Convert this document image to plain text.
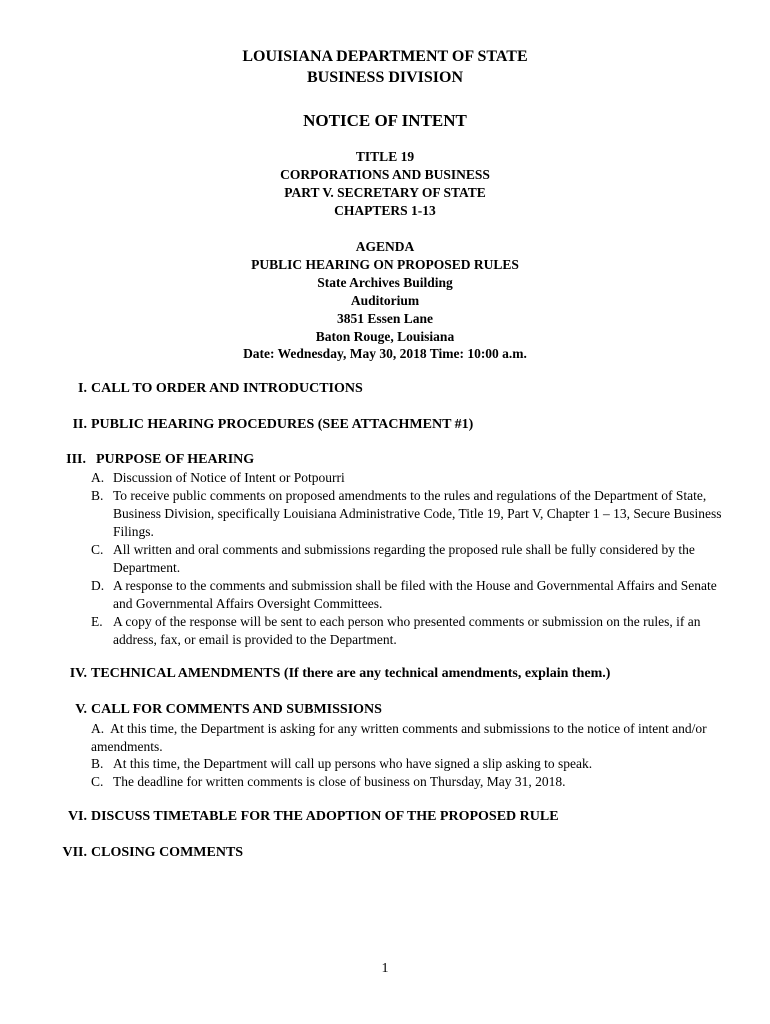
LOUISIANA DEPARTMENT OF STATE
BUSINESS DIVISION
NOTICE OF INTENT
TITLE 19
CORPORATIONS AND BUSINESS
PART V. SECRETARY OF STATE
CHAPTERS 1-13
AGENDA
PUBLIC HEARING ON PROPOSED RULES
State Archives Building
Auditorium
3851 Essen Lane
Baton Rouge, Louisiana
Date: Wednesday, May 30, 2018 Time: 10:00 a.m.
I. CALL TO ORDER AND INTRODUCTIONS
II. PUBLIC HEARING PROCEDURES (SEE ATTACHMENT #1)
III. PURPOSE OF HEARING
A. Discussion of Notice of Intent or Potpourri
B. To receive public comments on proposed amendments to the rules and regulations of the Department of State, Business Division, specifically Louisiana Administrative Code, Title 19, Part V, Chapter 1 – 13, Secure Business Filings.
C. All written and oral comments and submissions regarding the proposed rule shall be fully considered by the Department.
D. A response to the comments and submission shall be filed with the House and Governmental Affairs and Senate and Governmental Affairs Oversight Committees.
E. A copy of the response will be sent to each person who presented comments or submission on the rules, if an address, fax, or email is provided to the Department.
IV. TECHNICAL AMENDMENTS (If there are any technical amendments, explain them.)
V. CALL FOR COMMENTS AND SUBMISSIONS
A. At this time, the Department is asking for any written comments and submissions to the notice of intent and/or amendments.
B. At this time, the Department will call up persons who have signed a slip asking to speak.
C. The deadline for written comments is close of business on Thursday, May 31, 2018.
VI. DISCUSS TIMETABLE FOR THE ADOPTION OF THE PROPOSED RULE
VII. CLOSING COMMENTS
1
